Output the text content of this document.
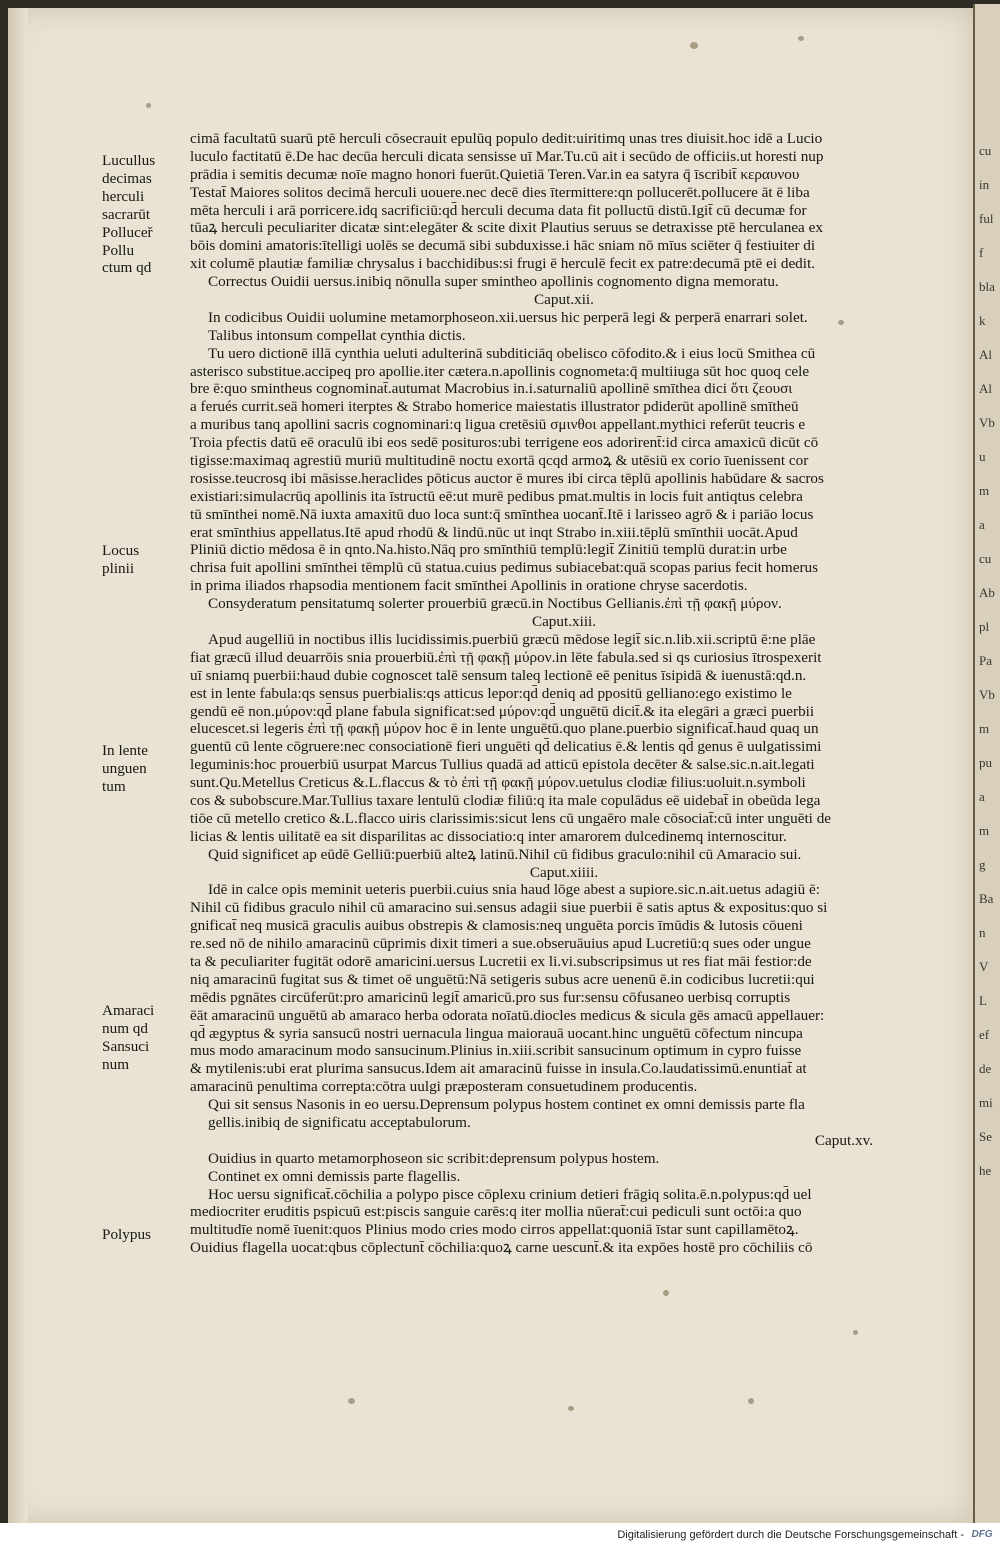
cu
in
ful
f
bla
k
Al
Al
Vb
u
m
a
cu
Ab
pl
Pa
Vb
m
pu
a
m
g
Ba
n
V
L
ef
de
mi
Se
he
Lucullus
decimas
herculi
sacrarūt
Polluceř
Pollu
ctum qd
Locus
plinii
In lente
unguen
tum
Amaraci
num qd
Sansuci
num
Polypus
cimā facultatū suarū ptē herculi cōsecrauit epulūq populo dedit:uiritimq unas tres diuisit.hoc idē a Lucio
luculo factitatū ē.De hac decūa herculi dicata sensisse uī Mar.Tu.cū ait i secūdo de officiis.ut horesti nup
prādia i semitis decumæ noīe magno honori fuerūt.Quietiā Teren.Var.in ea satyra q̄ īscribit̄ κεραυνου
Testat̄ Maiores solitos decimā herculi uouere.nec decē dies ītermittere:qn pollucerēt.pollucere āt ē liba
mēta herculi i arā porricere.idq sacrificiū:qd̄ herculi decuma data fit polluctū distū.Igit̄ cū decumæ for
tūaꝝ herculi peculiariter dicatæ sint:elegāter & scite dixit Plautius seruus se detraxisse ptē herculanea ex
bōis domini amatoris:ītelligi uolēs se decumā sibi subduxisse.i hāc sniam nō mīus sciēter q̄ festiuiter di
xit columē plautiæ familiæ chrysalus i bacchidibus:si frugi ē herculē fecit ex patre:decumā ptē ei dedit.
Correctus Ouidii uersus.inibiq nōnulla super smintheo apollinis cognomento digna memoratu.
Caput.xii.
In codicibus Ouidii uolumine metamorphoseon.xii.uersus hic perperā legi & perperā enarrari solet.
Talibus intonsum compellat cynthia dictis.
Tu uero dictionē illā cynthia ueluti adulterinā subditiciāq obelisco cōfodito.& i eius locū Smithea cū
asterisco substitue.accipeq pro apollie.iter cætera.n.apollinis cognometa:q̄ multiiuga sūt hoc quoq cele
bre ē:quo smintheus cognominat̄.autumat Macrobius in.i.saturnaliū apollinē smīthea dici ὅτι ζεουσι
a ferués currit.seā homeri iterptes & Strabo homerice maiestatis illustrator pdiderūt apollinē smītheū
a muribus tanq apollini sacris cognominari:q ligua cretēsiū σμινθοι appellant.mythici referūt teucris e
Troia pfectis datū eē oraculū ibi eos sedē posituros:ubi terrigene eos adorirent̄:id circa amaxicū dicūt cō
tigisse:maximaq agrestiū muriū multitudinē noctu exortā qcqd armoꝝ & utēsiū ex corio īuenissent cor
rosisse.teucrosq ibi māsisse.heraclides pōticus auctor ē mures ibi circa tēplū apollinis habūdare & sacros
existiari:simulacrūq apollinis ita īstructū eē:ut murē pedibus pmat.multis in locis fuit antiqtus celebra
tū smīnthei nomē.Nā iuxta amaxitū duo loca sunt:q̄ smīnthea uocant̄.Itē i larisseo agrō & i pariāo locus
erat smīnthius appellatus.Itē apud rhodū & lindū.nūc ut inqt Strabo in.xiii.tēplū smīnthii uocāt.Apud
Pliniū dictio mēdosa ē in qnto.Na.histo.Nāq pro smīnthiū templū:legit̄ Zinitiū templū durat:in urbe
chrisa fuit apollini smīnthei tēmplū cū statua.cuius pedimus subiacebat:quā scopas parius fecit homerus
in prima iliados rhapsodia mentionem facit smīnthei Apollinis in oratione chryse sacerdotis.
Consyderatum pensitatumq solerter prouerbiū græcū.in Noctibus Gellianis.ἐπὶ τῇ φακῇ μύρον.
Caput.xiii.
Apud augelliū in noctibus illis lucidissimis.puerbiū græcū mēdose legit̄ sic.n.lib.xii.scriptū ē:ne plāe
fiat græcū illud deuarrōis snia prouerbiū.ἐπὶ τῇ φακῇ μύρον.in lēte fabula.sed si qs curiosius ītrospexerit
uī sniamq puerbii:haud dubie cognoscet talē sensum taleq lectionē eē penitus īsipidā & iuenustā:qd.n.
est in lente fabula:qs sensus puerbialis:qs atticus lepor:qd̄ deniq ad ppositū gelliano:ego existimo le
gendū eē non.μύρον:qd̄ plane fabula significat:sed μύρον:qd̄ unguētū dicit̄.& ita elegāri a græci puerbii
elucescet.si legeris ἐπὶ τῇ φακῇ μύρον hoc ē in lente unguētū.quo plane.puerbio significat̄.haud quaq un
guentū cū lente cōgruere:nec consociationē fieri unguēti qd̄ delicatius ē.& lentis qd̄ genus ē uulgatissimi
leguminis:hoc prouerbiū usurpat Marcus Tullius quadā ad atticū epistola decēter & salse.sic.n.ait.legati
sunt.Qu.Metellus Creticus &.L.flaccus & τὸ ἐπὶ τῇ φακῇ μύρον.uetulus clodiæ filius:uoluit.n.symboli
cos & subobscure.Mar.Tullius taxare lentulū clodiæ filiū:q ita male copulādus eē uidebat̄ in obeūda lega
tiōe cū metello cretico &.L.flacco uiris clarissimis:sicut lens cū ungaēro male cōsociat̄:cū inter unguēti de
licias & lentis uilitatē ea sit disparilitas ac dissociatio:q inter amarorem dulcedinemq internoscitur.
Quid significet ap eūdē Gelliū:puerbiū alteꝝ latinū.Nihil cū fidibus graculo:nihil cū Amaracio sui.
Caput.xiiii.
Idē in calce opis meminit ueteris puerbii.cuius snia haud lōge abest a supiore.sic.n.ait.uetus adagiū ē:
Nihil cū fidibus graculo nihil cū amaracino sui.sensus adagii siue puerbii ē satis aptus & expositus:quo si
gnificat̄ neq musicā graculis auibus obstrepis & clamosis:neq unguēta porcis īmūdis & lutosis cōueni
re.sed nō de nihilo amaracinū cūprimis dixit timeri a sue.obseruāuius apud Lucretiū:q sues oder ungue
ta & peculiariter fugitāt odorē amaricini.uersus Lucretii ex li.vi.subscripsimus ut res fiat māi festior:de
niq amaracinū fugitat sus & timet oē unguētū:Nā setigeris subus acre uenenū ē.in codicibus lucretii:qui
mēdis pgnātes circūferūt:pro amaricinū legit̄ amaricū.pro sus fur:sensu cōfusaneo uerbisq corruptis
ēāt amaracinū unguētū ab amaraco herba odorata noīatū.diocles medicus & sicula gēs amacū appellauer:
qd̄ ægyptus & syria sansucū nostri uernacula lingua maiorauā uocant.hinc unguētū cōfectum nincupa
mus modo amaracinum modo sansucinum.Plinius in.xiii.scribit sansucinum optimum in cypro fuisse
& mytilenis:ubi erat plurima sansucus.Idem ait amaracinū fuisse in insula.Co.laudatissimū.enuntiat̄ at
amaracinū penultima correpta:cōtra uulgi præposteram consuetudinem producentis.
Qui sit sensus Nasonis in eo uersu.Deprensum polypus hostem continet ex omni demissis parte fla
gellis.inibiq de significatu acceptabulorum.
Caput.xv.
Ouidius in quarto metamorphoseon sic scribit:deprensum polypus hostem.
Continet ex omni demissis parte flagellis.
Hoc uersu significat̄.cōchilia a polypo pisce cōplexu crinium detieri frāgiq solita.ē.n.polypus:qd̄ uel
mediocriter eruditis pspicuū est:piscis sanguie carēs:q iter mollia nūerat̄:cui pediculi sunt octōi:a quo
multitudīe nomē īuenit:quos Plinius modo cries modo cirros appellat:quoniā īstar sunt capillamētoꝝ.
Ouidius flagella uocat:qbus cōplectunt̄ cōchilia:quoꝝ carne uescunt̄.& ita expōes hostē pro cōchiliis cō
Digitalisierung gefördert durch die Deutsche Forschungsgemeinschaft - DFG
